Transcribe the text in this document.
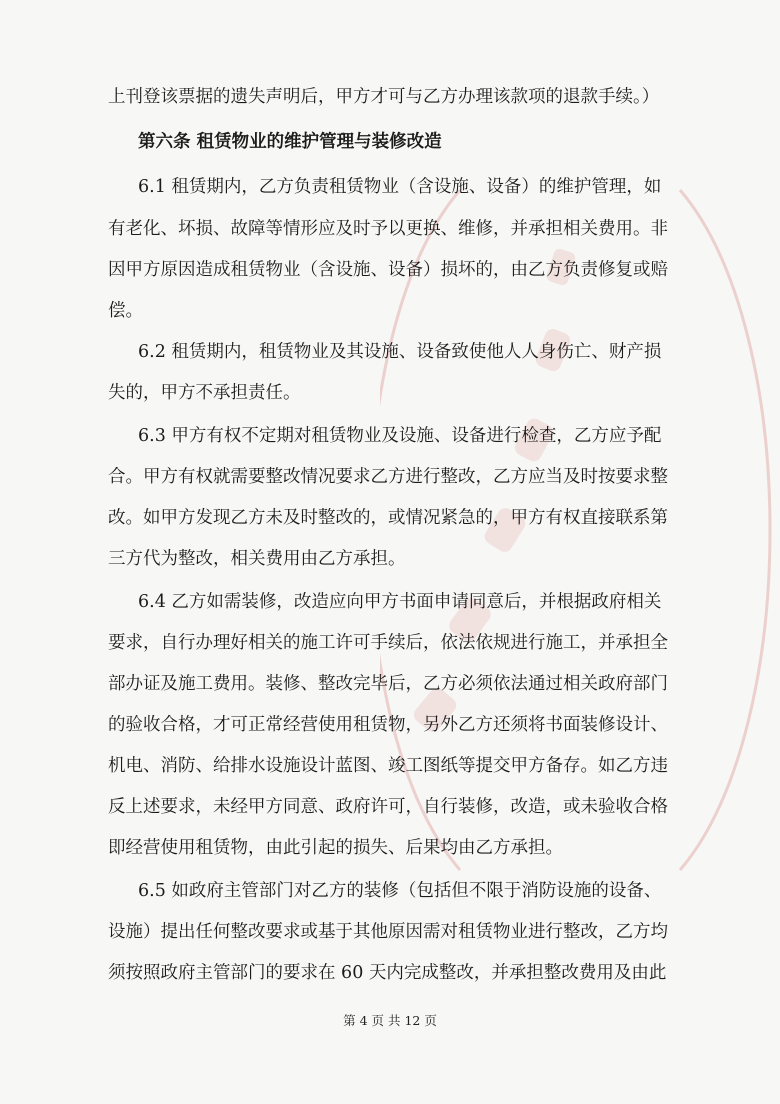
上刊登该票据的遗失声明后，甲方才可与乙方办理该款项的退款手续。）
第六条 租赁物业的维护管理与装修改造
6.1 租赁期内，乙方负责租赁物业（含设施、设备）的维护管理，如
有老化、坏损、故障等情形应及时予以更换、维修，并承担相关费用。非
因甲方原因造成租赁物业（含设施、设备）损坏的，由乙方负责修复或赔
偿。
6.2 租赁期内，租赁物业及其设施、设备致使他人人身伤亡、财产损
失的，甲方不承担责任。
6.3 甲方有权不定期对租赁物业及设施、设备进行检查，乙方应予配
合。甲方有权就需要整改情况要求乙方进行整改，乙方应当及时按要求整
改。如甲方发现乙方未及时整改的，或情况紧急的，甲方有权直接联系第
三方代为整改，相关费用由乙方承担。
6.4 乙方如需装修，改造应向甲方书面申请同意后，并根据政府相关
要求，自行办理好相关的施工许可手续后，依法依规进行施工，并承担全
部办证及施工费用。装修、整改完毕后，乙方必须依法通过相关政府部门
的验收合格，才可正常经营使用租赁物，另外乙方还须将书面装修设计、
机电、消防、给排水设施设计蓝图、竣工图纸等提交甲方备存。如乙方违
反上述要求，未经甲方同意、政府许可，自行装修，改造，或未验收合格
即经营使用租赁物，由此引起的损失、后果均由乙方承担。
6.5 如政府主管部门对乙方的装修（包括但不限于消防设施的设备、
设施）提出任何整改要求或基于其他原因需对租赁物业进行整改，乙方均
须按照政府主管部门的要求在 60 天内完成整改，并承担整改费用及由此
第 4 页 共 12 页
